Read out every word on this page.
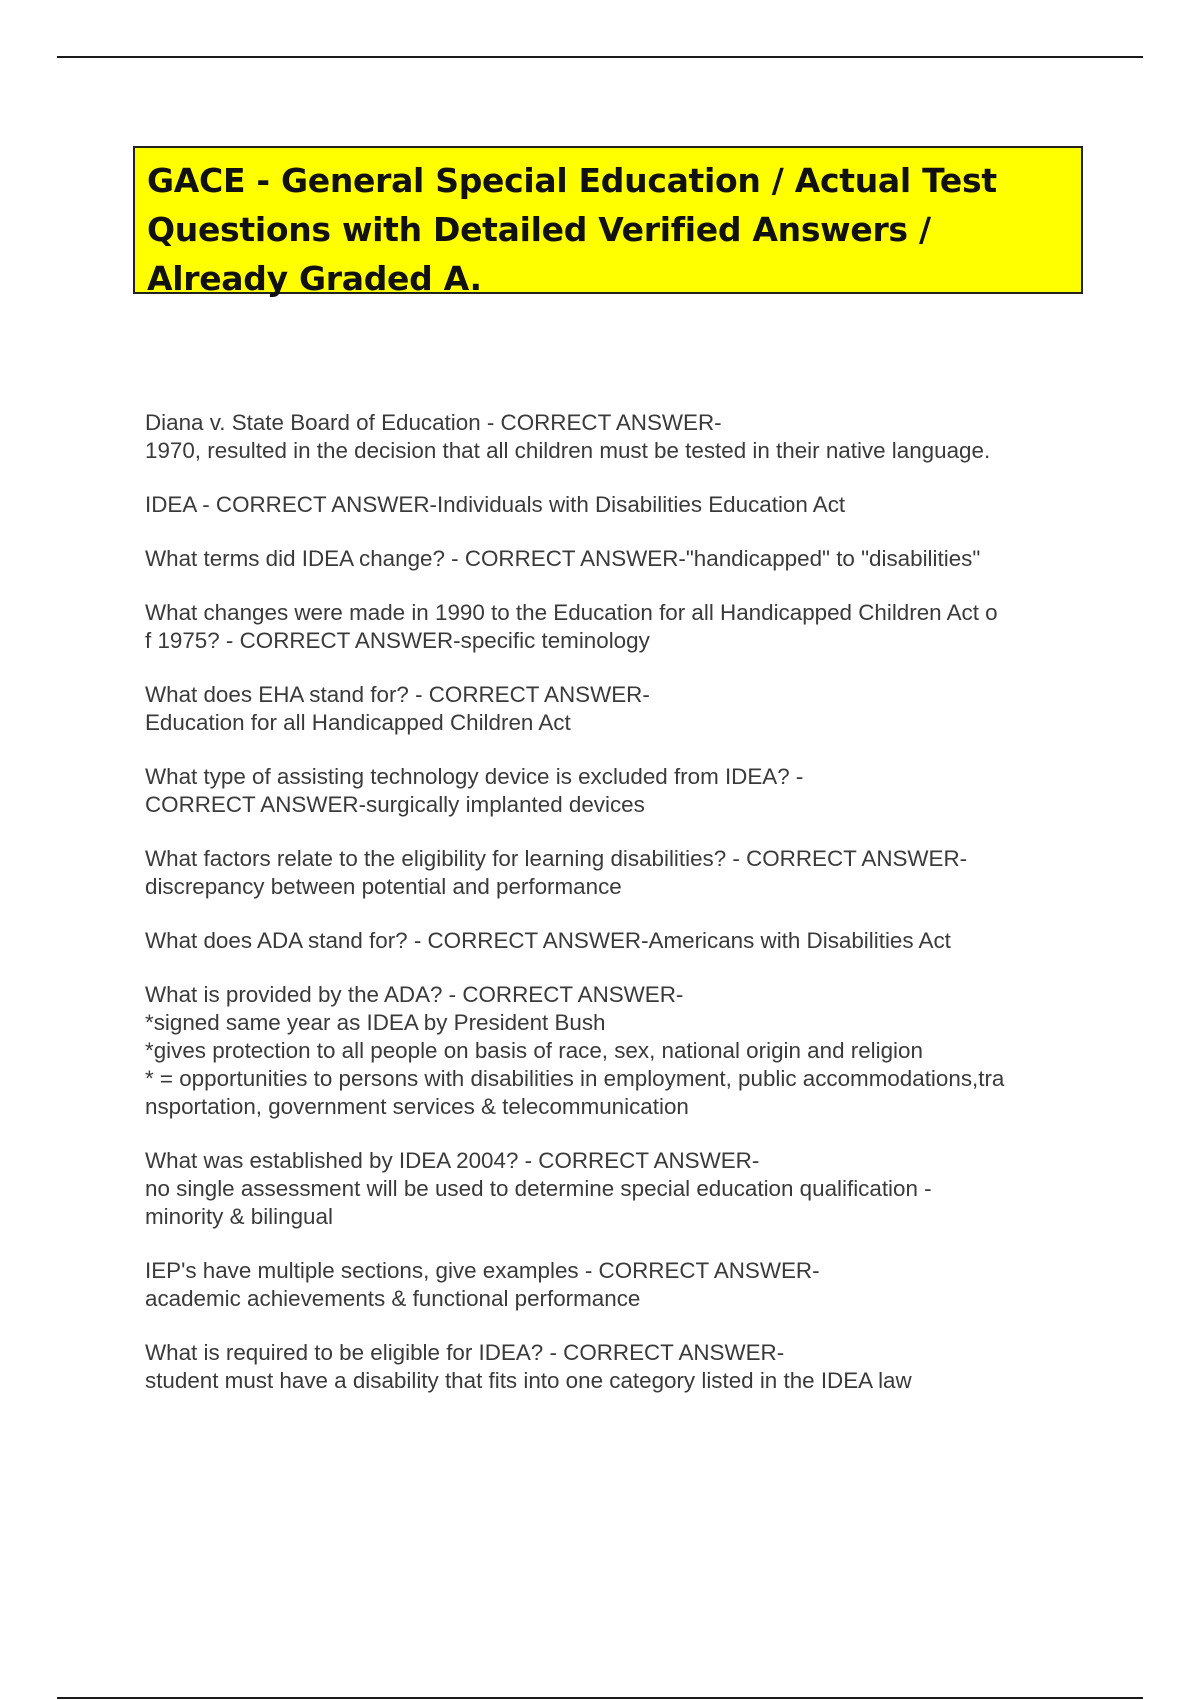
GACE - General Special Education / Actual Test Questions with Detailed Verified Answers / Already Graded A.
Diana v. State Board of Education - CORRECT ANSWER-
1970, resulted in the decision that all children must be tested in their native language.
IDEA - CORRECT ANSWER-Individuals with Disabilities Education Act
What terms did IDEA change? - CORRECT ANSWER-"handicapped" to "disabilities"
What changes were made in 1990 to the Education for all Handicapped Children Act o
f 1975? - CORRECT ANSWER-specific teminology
What does EHA stand for? - CORRECT ANSWER-
Education for all Handicapped Children Act
What type of assisting technology device is excluded from IDEA? -
CORRECT ANSWER-surgically implanted devices
What factors relate to the eligibility for learning disabilities? - CORRECT ANSWER-
discrepancy between potential and performance
What does ADA stand for? - CORRECT ANSWER-Americans with Disabilities Act
What is provided by the ADA? - CORRECT ANSWER-
*signed same year as IDEA by President Bush
*gives protection to all people on basis of race, sex, national origin and religion
* = opportunities to persons with disabilities in employment, public accommodations,tra
nsportation, government services & telecommunication
What was established by IDEA 2004? - CORRECT ANSWER-
no single assessment will be used to determine special education qualification -
minority & bilingual
IEP's have multiple sections, give examples - CORRECT ANSWER-
academic achievements & functional performance
What is required to be eligible for IDEA? - CORRECT ANSWER-
student must have a disability that fits into one category listed in the IDEA law
